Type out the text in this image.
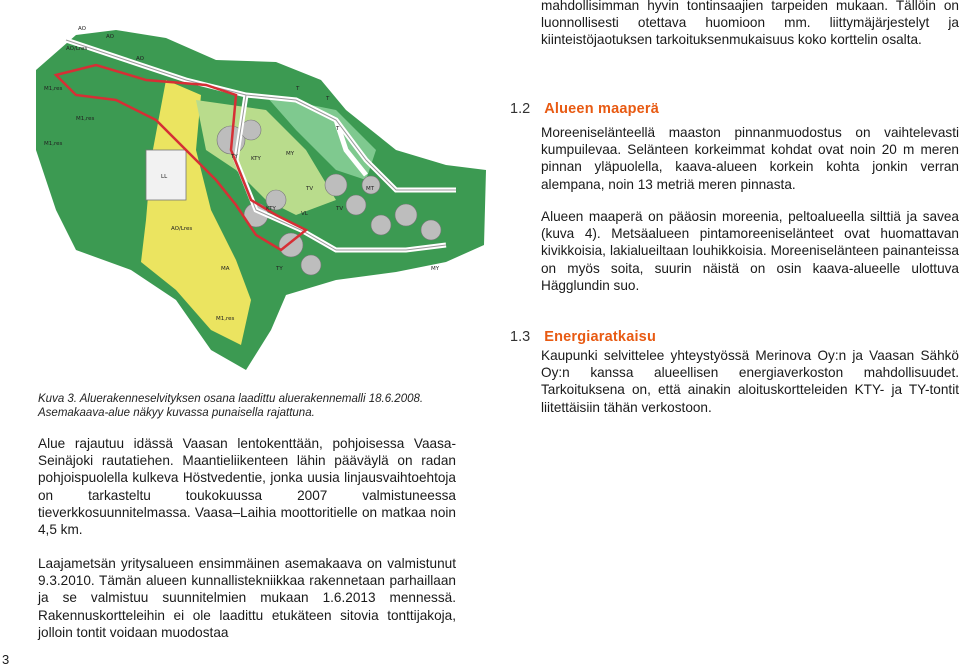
AO
AO
AO
AO/Lres
M1,res
M1,res
M1,res
LL
T
T
T
TY KTY
KTY
MY
TV
TV
MT
MA	TY
VL
MY
M1,res
AO/Lres
mahdollisimman hyvin tontinsaajien tarpeiden mukaan. Tällöin on luonnollisesti otettava huomioon mm. liittymäjärjestelyt ja kiinteistöjaotuksen tarkoituksenmukaisuus koko korttelin osalta.
1.2 Alueen maaperä
Moreeniselänteellä maaston pinnanmuodostus on vaihtelevasti kumpuilevaa. Selänteen korkeimmat kohdat ovat noin 20 m meren pinnan yläpuolella, kaava-alueen korkein kohta jonkin verran alempana, noin 13 metriä meren pinnasta.
Alueen maaperä on pääosin moreenia, peltoalueella silttiä ja savea (kuva 4). Metsäalueen pintamoreeniselänteet ovat huomattavan kivikkoisia, lakialueiltaan louhikkoisia. Moreeniselänteen painanteissa on myös soita, suurin näistä on osin kaava-alueelle ulottuva Hägglundin suo.
1.3 Energiaratkaisu
Kaupunki selvittelee yhteystyössä Merinova Oy:n ja Vaasan Sähkö Oy:n kanssa alueellisen energiaverkoston mahdollisuudet. Tarkoituksena on, että ainakin aloituskortteleiden KTY- ja TY-tontit liitettäisiin tähän verkostoon.
Kuva 3. Aluerakenneselvityksen osana laadittu aluerakennemalli 18.6.2008.
Asemakaava-alue näkyy kuvassa punaisella rajattuna.
Alue rajautuu idässä Vaasan lentokenttään, pohjoisessa Vaasa-Seinäjoki rautatiehen. Maantieliikenteen lähin pääväylä on radan pohjoispuolella kulkeva Höstvedentie, jonka uusia linjausvaihtoehtoja on tarkasteltu toukokuussa 2007 valmistuneessa tieverkkosuunnitelmassa. Vaasa–Laihia moottoritielle on matkaa noin 4,5 km.
Laajametsän yritysalueen ensimmäinen asemakaava on valmistunut 9.3.2010. Tämän alueen kunnallistekniikkaa rakennetaan parhaillaan ja se valmistuu suunnitelmien mukaan 1.6.2013 mennessä. Rakennuskortteleihin ei ole laadittu etukäteen sitovia tonttijakoja, jolloin tontit voidaan muodostaa
3
